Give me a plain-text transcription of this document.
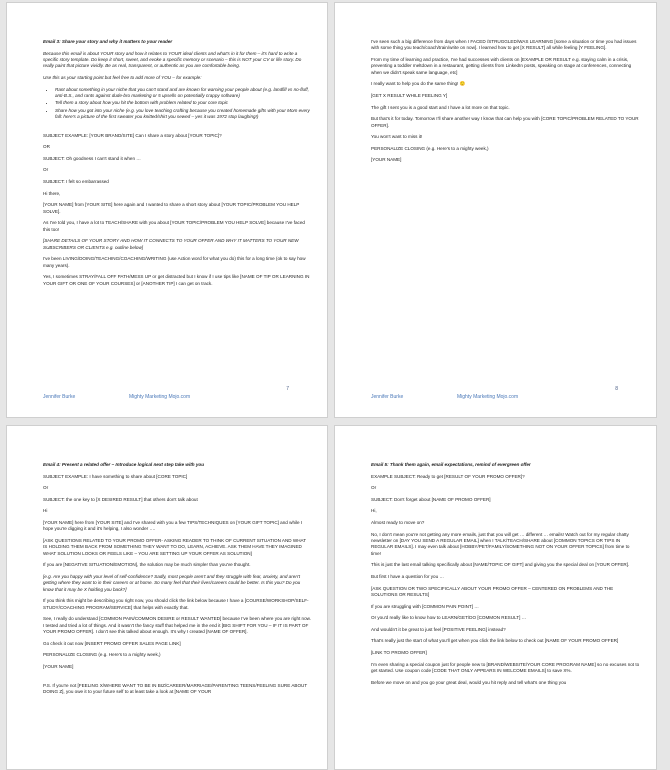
Email 3: Share your story and why it matters to your reader

Because this email is about YOUR story and how it relates to YOUR ideal clients and what's in it for them – it's hard to write a specific story template. Do keep it short, sweet, and evoke a specific memory or scenario – this is NOT your CV or life story. Do really paint that picture vividly. Be as real, transparent, or authentic as you are comfortable being.

Use this as your starting point but feel free to add more of YOU – for example:

• Rant about something in your niche that you can't stand and are known for warning your people about (e.g. landfill vs no-fluff, anti-B.S., and rants against dude-bro marketing or 5 upsells on potentially crappy software)
• Tell them a story about how you hit the bottom with problem related to your core topic
• Share how you got into your niche (e.g. you love teaching crafting because you created homemade gifts with your Mom every fall: here's a picture of the first sweater you knitted/shirt you sewed – yes it was 1972 stop laughing!)

SUBJECT EXAMPLE: [YOUR BRAND/SITE] Can I share a story about [YOUR TOPIC]?

OR

SUBJECT: Oh goodness I can't stand it when …

Or

SUBJECT: I felt so embarrassed

Hi there,

[YOUR NAME] from [YOUR SITE] here again and I wanted to share a short story about [YOUR TOPIC/PROBLEM YOU HELP SOLVE].

As I've told you, I have a lot to TEACH/SHARE with you about [YOUR TOPIC/PROBLEM YOU HELP SOLVE] because I've faced this too!

[SHARE DETAILS OF YOUR STORY AND HOW IT CONNECTS TO YOUR OFFER AND WHY IT MATTERS TO YOUR NEW SUBSCRIBERS OR CLIENTS e.g. outline below]

I've been LIVING/DOING/TEACHING/COACHING/WRITING (use Action word for what you do) this for a long time (ok to say how many years).

Yes, I sometimes STRAY/FALL OFF PATH/MESS UP or get distracted but I know if I use tips like [NAME OF TIP OR LEARNING IN YOUR GIFT OR ONE OF YOUR COURSES] or [ANOTHER TIP] I can get on track.

7
Jennifer Burke	Mighty Marketing Mojo.com

I've seen such a big difference from days when I FACED /STRUGGLED/WAS LEARNING [some a situation or time you had issues with some thing you teach/coach/train/write on now]. I learned how to get [X RESULT] all while feeling [Y FEELING].

From my time of learning and practice, I've had successes with clients on [EXAMPLE OR RESULT e.g. staying calm in a crisis, preventing a toddler meltdown in a restaurant, getting clients from LinkedIn posts, speaking on stage at conferences, connecting when we didn't speak same language, etc]

I really want to help you do the same thing! 🙂

[GET X RESULT WHILE FEELING Y]

The gift I sent you is a good start and I have a lot more on that topic.

But that's it for today. Tomorrow I'll share another way I know that can help you with [CORE TOPIC/PROBLEM RELATED TO YOUR OFFER].

You won't want to miss it!

PERSONALIZE CLOSING (e.g. Here's to a mighty week,)

[YOUR NAME]

8
Jennifer Burke	Mighty Marketing Mojo.com

Email 4: Present a related offer – Introduce logical next step take with you

SUBJECT EXAMPLE: I have something to share about [CORE TOPIC]

Or

SUBJECT: the one key to [X DESIRED RESULT] that others don't talk about

Hi

[YOUR NAME] here from [YOUR SITE] and I've shared with you a few TIPS/TECHNIQUES on [YOUR GIFT TOPIC] and while I hope you're digging it and it's helping, I also wonder ….

[ASK QUESTIONS RELATED TO YOUR PROMO OFFER- ASKING READER TO THINK OF CURRENT SITUATION AND WHAT IS HOLDING THEM BACK FROM SOMETHING THEY WANT TO DO, LEARN, ACHIEVE. ASK THEM HAVE THEY IMAGINED WHAT SOLUTION LOOKS OR FEELS LIKE – YOU ARE SETTING UP YOUR OFFER AS SOLUTION]

If you are [NEGATIVE SITUATION/EMOTION], the solution may be much simpler than you've thought.

[e.g. Are you happy with your level of self-confidence? Sadly, most people aren't and they struggle with fear, anxiety, and aren't getting where they want to in their careers or at home. So many feel that their lives/careers could be better. Is this you? Do you know that it may be X holding you back?]

If you think this might be describing you right now, you should click the link below because I have a [COURSE/WORKSHOP/SELF-STUDY/COACHING PROGRAM/SERVICE] that helps with exactly that.

See, I really do understand [COMMON PAIN/COMMON DESIRE or RESULT WANTED] because I've been where you are right now. I tested and tried a lot of things. And it wasn't the fancy stuff that helped me in the end it [BIG SHIFT FOR YOU – IF IT IS PART OF YOUR PROMO OFFER]. I don't see this talked about enough. It's why I created [NAME OF OFFER].

Go check it out now [INSERT PROMO OFFER SALES PAGE LINK]

PERSONALIZE CLOSING (e.g. Here's to a mighty week,)

[YOUR NAME]

P.S. If you're not [FEELING X/WHERE WANT TO BE IN BIZ/CAREER/MARRIAGE/PARENTING TEENS/FEELING SURE ABOUT DOING Z], you owe it to your future self to at least take a look at [NAME OF YOUR

Email 5: Thank them again, email expectations, remind of evergreen offer

EXAMPLE SUBJECT: Ready to get [RESULT OF YOUR PROMO OFFER]?

Or

SUBJECT: Don't forget about [NAME OF PROMO OFFER]

Hi,

Almost ready to move on?

No, I don't mean you're not getting any more emails, just that you will get … different … emails! Watch out for my regular chatty newsletter on [DAY YOU SEND A REGULAR EMAIL] when I TALK/TEACH/SHARE about [COMMON TOPICS OR TIPS IN REGULAR EMAILS]. I may even talk about [HOBBY/PET/FAMILY/SOMETHING NOT ON YOUR OFFER TOPICS] from time to time!

This is just the last email talking specifically about [NAME/TOPIC OF GIFT] and giving you the special deal on [YOUR OFFER].

But first I have a question for you …

[ASK QUESTION OR TWO SPECIFICALLY ABOUT YOUR PROMO OFFER – CENTERED ON PROBLEMS AND THE SOLUTIONS OR RESULTS]

If you are struggling with [COMMON PAIN POINT] …

Or you'd really like to know how to LEARN/GET/DO [COMMON RESULT] …

And wouldn't it be great to just feel [POSITIVE FEELING] instead?

That's really just the start of what you'll get when you click the link below to check out [NAME OF YOUR PROMO OFFER]

[LINK TO PROMO OFFER]

I'm even sharing a special coupon just for people new to [BRAND/WEBSITE/YOUR CORE PROGRAM NAME] so no excuses not to get started. Use coupon code [CODE THAT ONLY APPEARS IN WELCOME EMAILS] to save X%.

Before we move on and you go your great deal, would you hit reply and tell what's one thing you
